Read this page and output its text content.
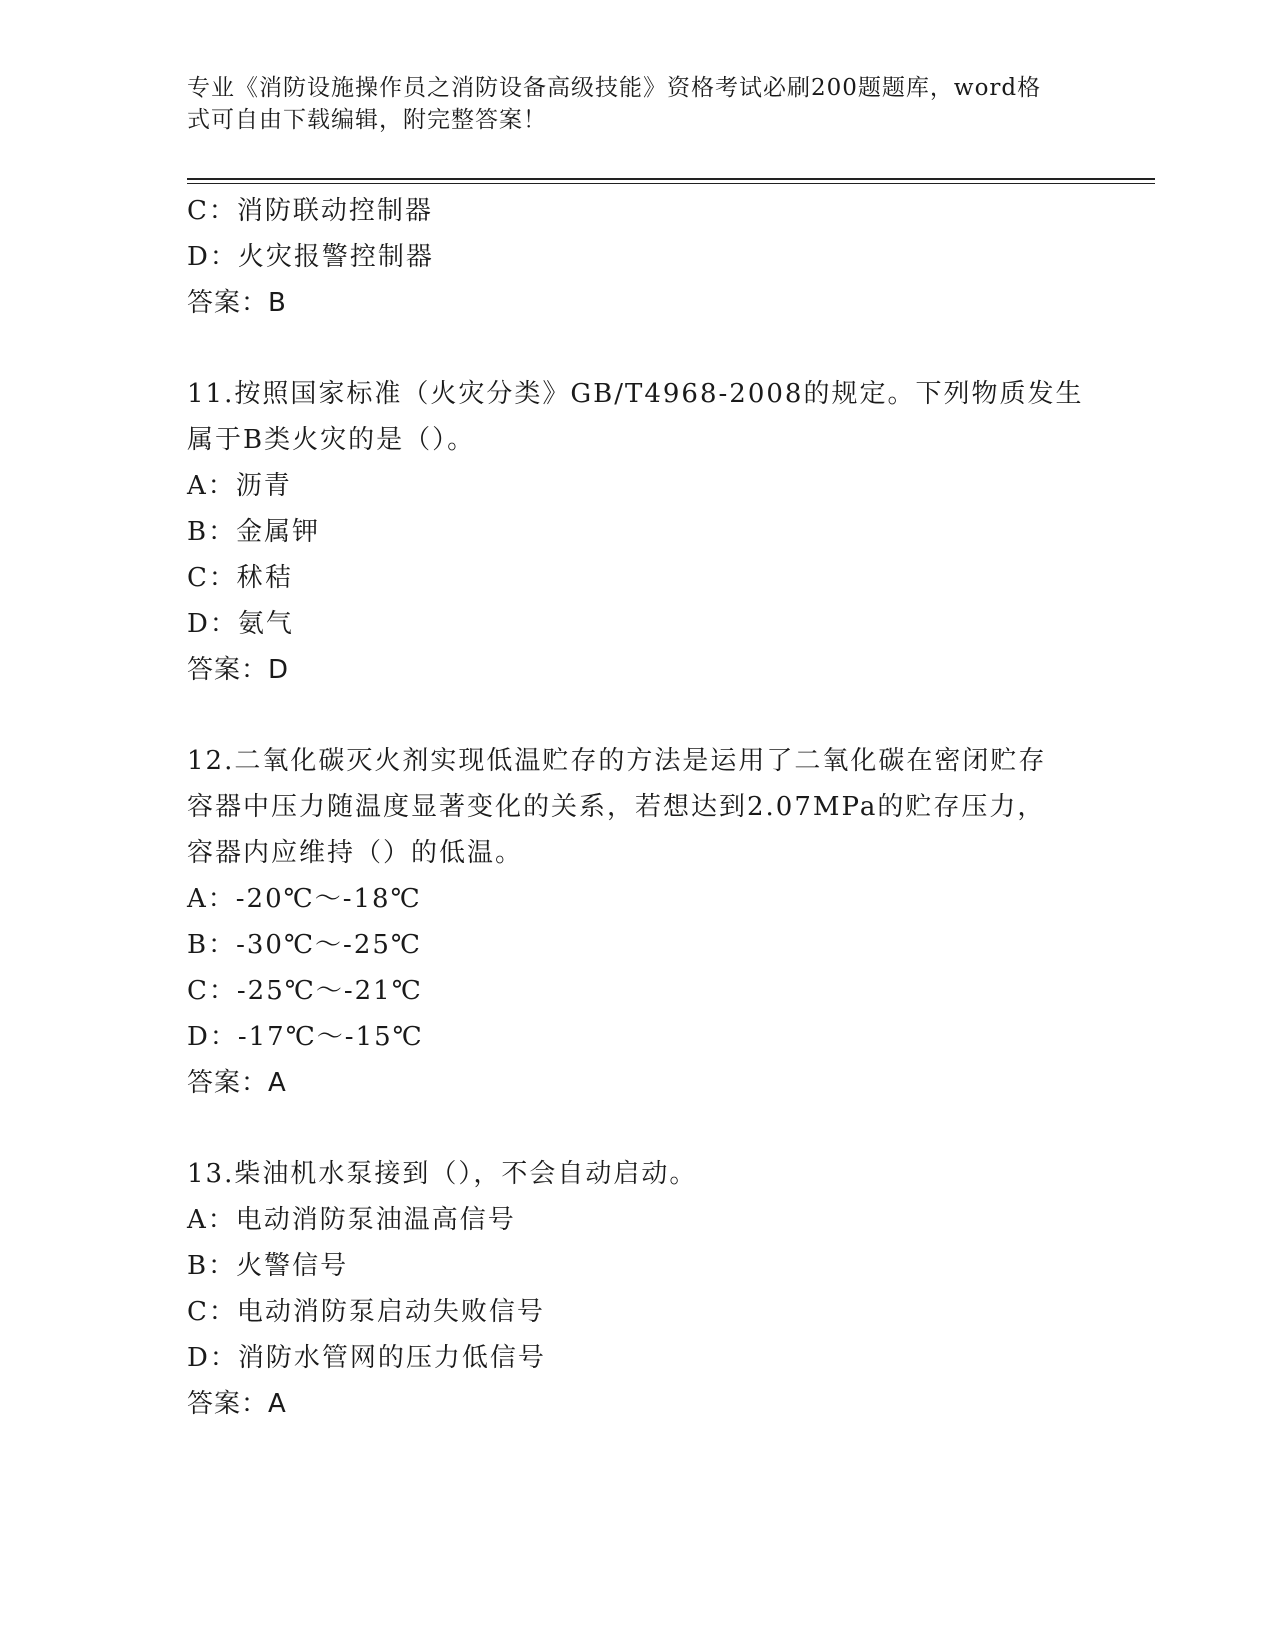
专业《消防设施操作员之消防设备高级技能》资格考试必刷200题题库，word格
式可自由下载编辑，附完整答案！
C：消防联动控制器
D：火灾报警控制器
答案：B
11.按照国家标准（火灾分类》GB/T4968-2008的规定。下列物质发生
属于B类火灾的是（）。
A：沥青
B：金属钾
C：秫秸
D：氨气
答案：D
12.二氧化碳灭火剂实现低温贮存的方法是运用了二氧化碳在密闭贮存
容器中压力随温度显著变化的关系，若想达到2.07MPa的贮存压力，
容器内应维持（）的低温。
A：-20℃～-18℃
B：-30℃～-25℃
C：-25℃～-21℃
D：-17℃～-15℃
答案：A
13.柴油机水泵接到（），不会自动启动。
A：电动消防泵油温高信号
B：火警信号
C：电动消防泵启动失败信号
D：消防水管网的压力低信号
答案：A
